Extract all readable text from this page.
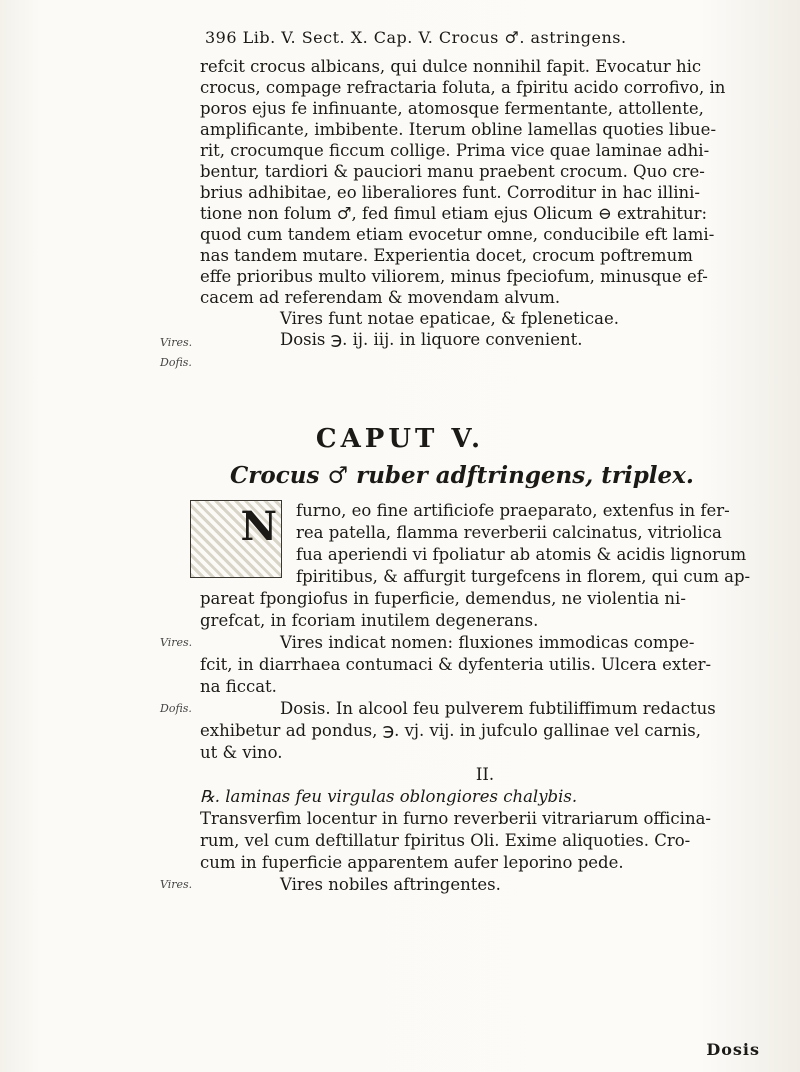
396 Lib. V. Sect. X. Cap. V. Crocus ♂. astringens.
refcit crocus albicans, qui dulce nonnihil fapit. Evocatur hic
crocus, compage refractaria foluta, a fpiritu acido corrofivo, in
poros ejus fe infinuante, atomosque fermentante, attollente,
amplificante, imbibente. Iterum obline lamellas quoties libue-
rit, crocumque ficcum collige. Prima vice quae laminae adhi-
bentur, tardiori & pauciori manu praebent crocum. Quo cre-
brius adhibitae, eo liberaliores funt. Corroditur in hac illini-
tione non folum ♂, fed fimul etiam ejus Olicum ⊖ extrahitur:
quod cum tandem etiam evocetur omne, conducibile eft lami-
nas tandem mutare. Experientia docet, crocum poftremum
effe prioribus multo viliorem, minus fpeciofum, minusque ef-
cacem ad referendam & movendam alvum.
Vires funt notae epaticae, & fpleneticae.
Dosis ℈. ij. iij. in liquore convenient.
Vires.
Dofis.
CAPUT V.
Crocus ♂ ruber adftringens, triplex.
N	furno, eo fine artificiofe praeparato, extenfus in fer-
rea patella, flamma reverberii calcinatus, vitriolica
fua aperiendi vi fpoliatur ab atomis & acidis lignorum
fpiritibus, & affurgit turgefcens in florem, qui cum ap-
pareat fpongiofus in fuperficie, demendus, ne violentia ni-
grefcat, in fcoriam inutilem degenerans.
Vires indicat nomen: fluxiones immodicas compe-
fcit, in diarrhaea contumaci & dyfenteria utilis. Ulcera exter-
na ficcat.
Dosis. In alcool feu pulverem fubtiliffimum redactus
exhibetur ad pondus, ℈. vj. vij. in jufculo gallinae vel carnis,
ut & vino.
II.
℞. laminas feu virgulas oblongiores chalybis.
Transverfim locentur in furno reverberii vitrariarum officina-
rum, vel cum deftillatur fpiritus Oli. Exime aliquoties. Cro-
cum in fuperficie apparentem aufer leporino pede.
Vires nobiles aftringentes.
Vires.
Dofis.
Vires.
Dosis
